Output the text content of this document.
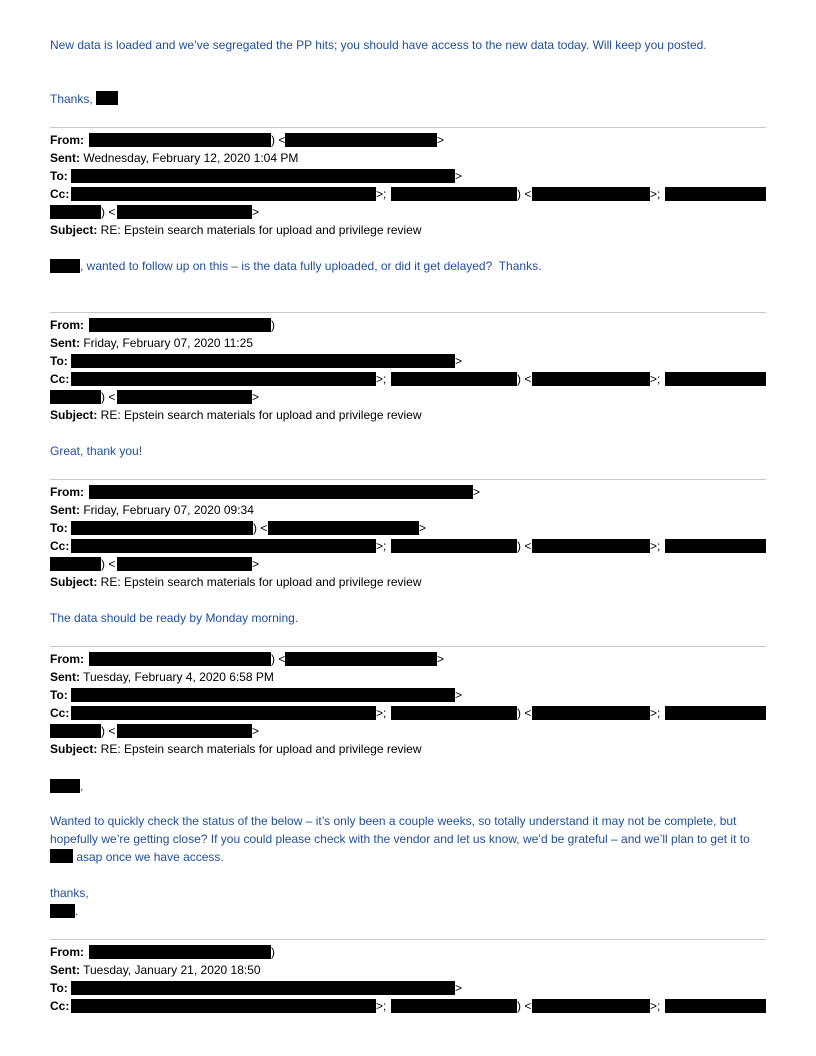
New data is loaded and we’ve segregated the PP hits; you should have access to the new data today. Will keep you posted.
Thanks,
From:	) <	>
Sent: Wednesday, February 12, 2020 1:04 PM
To:	>
Cc:	>;	) <	>;
) <	>
Subject: RE: Epstein search materials for upload and privilege review
, wanted to follow up on this – is the data fully uploaded, or did it get delayed?  Thanks.
From:	)
Sent: Friday, February 07, 2020 11:25
To:	>
Cc:	>;	) <	>;
) <	>
Subject: RE: Epstein search materials for upload and privilege review
Great, thank you!
From:	>
Sent: Friday, February 07, 2020 09:34
To:	) <	>
Cc:	>;	) <	>;
) <	>
Subject: RE: Epstein search materials for upload and privilege review
The data should be ready by Monday morning.
From:	) <	>
Sent: Tuesday, February 4, 2020 6:58 PM
To:	>
Cc:	>;	) <	>;
) <	>
Subject: RE: Epstein search materials for upload and privilege review
,
Wanted to quickly check the status of the below – it’s only been a couple weeks, so totally understand it may not be complete, but hopefully we’re getting close? If you could please check with the vendor and let us know, we’d be grateful – and we’ll plan to get it to  asap once we have access.
thanks,
.
From:	)
Sent: Tuesday, January 21, 2020 18:50
To:	>
Cc:	>;	) <	>;
